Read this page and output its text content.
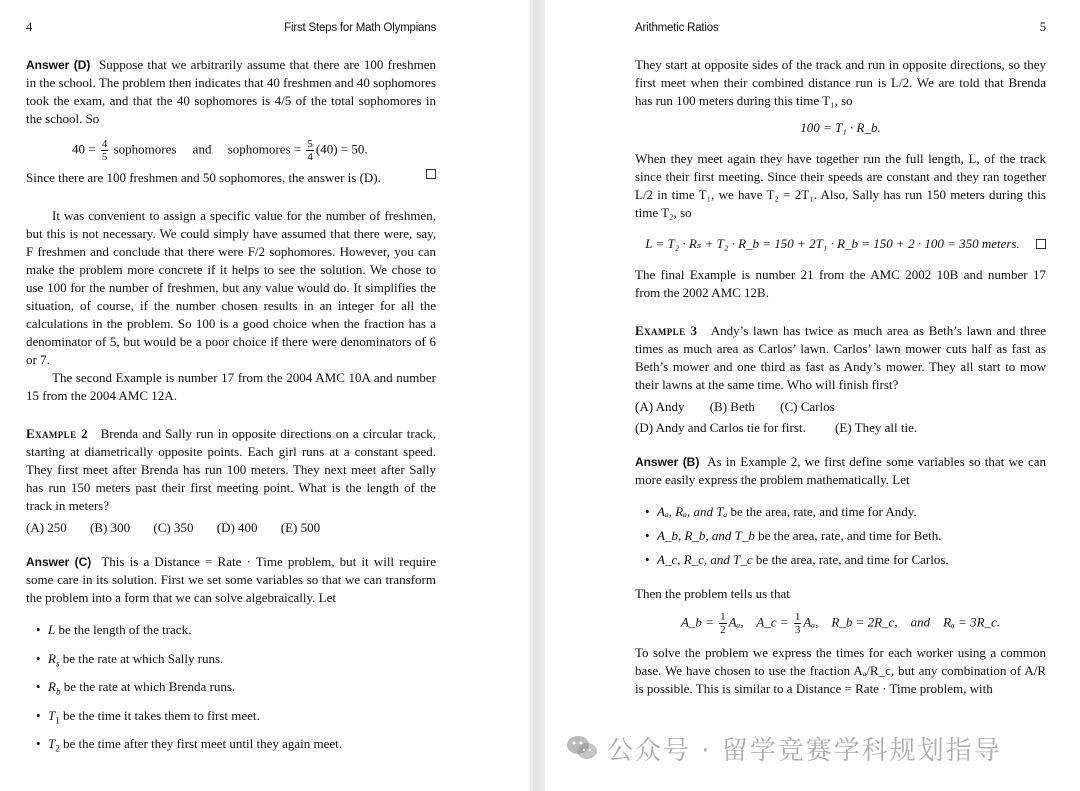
4	First Steps for Math Olympians

Answer (D) Suppose that we arbitrarily assume that there are 100 freshmen in the school. The problem then indicates that 40 freshmen and 40 sophomores took the exam, and that the 40 sophomores is 4/5 of the total sophomores in the school. So

$40 = \frac{4}{5}$ sophomores     and     sophomores = $\frac{5}{4} (40) = 50$.

Since there are 100 freshmen and 50 sophomores, the answer is (D).

It was convenient to assign a specific value for the number of freshmen, but this is not necessary. We could simply have assumed that there were, say, F freshmen and conclude that there were F/2 sophomores. However, you can make the problem more concrete if it helps to see the solution. We chose to use 100 for the number of freshmen, but any value would do. It simplifies the situation, of course, if the number chosen results in an integer for all the calculations in the problem. So 100 is a good choice when the fraction has a denominator of 5, but would be a poor choice if there were denominators of 6 or 7.

The second Example is number 17 from the 2004 AMC 10A and number 15 from the 2004 AMC 12A.

Example 2 Brenda and Sally run in opposite directions on a circular track, starting at diametrically opposite points. Each girl runs at a constant speed. They first meet after Brenda has run 100 meters. They next meet after Sally has run 150 meters past their first meeting point. What is the length of the track in meters?

(A) 250 (B) 300 (C) 350 (D) 400 (E) 500

Answer (C) This is a Distance = Rate · Time problem, but it will require some care in its solution. First we set some variables so that we can transform the problem into a form that we can solve algebraically. Let

• L be the length of the track.
• $R_s$ be the rate at which Sally runs.
• $R_b$ be the rate at which Brenda runs.
• $T_1$ be the time it takes them to first meet.
• $T_2$ be the time after they first meet until they again meet.
Arithmetic Ratios	5

They start at opposite sides of the track and run in opposite directions, so they first meet when their combined distance run is L/2. We are told that Brenda has run 100 meters during this time T₁, so

100 = T₁ · R_b.

When they meet again they have together run the full length, L, of the track since their first meeting. Since their speeds are constant and they ran together L/2 in time T₁, we have T₂ = 2T₁. Also, Sally has run 150 meters during this time T₂, so

L = T₂ · Rₛ + T₂ · R_b = 150 + 2T₁ · R_b = 150 + 2 · 100 = 350 meters.

The final Example is number 21 from the AMC 2002 10B and number 17 from the 2002 AMC 12B.

Example 3 Andy’s lawn has twice as much area as Beth’s lawn and three times as much area as Carlos’ lawn. Carlos’ lawn mower cuts half as fast as Beth’s mower and one third as fast as Andy’s mower. They all start to mow their lawns at the same time. Who will finish first?

(A) Andy (B) Beth (C) Carlos
(D) Andy and Carlos tie for first. (E) They all tie.

Answer (B) As in Example 2, we first define some variables so that we can more easily express the problem mathematically. Let

• Aₐ, Rₐ, and Tₐ be the area, rate, and time for Andy.
• A_b, R_b, and T_b be the area, rate, and time for Beth.
• A_c, R_c, and T_c be the area, rate, and time for Carlos.

Then the problem tells us that

A_b = $\frac{1}{2} A_a$,    A_c = $\frac{1}{3} A_a$,    R_b = 2R_c,    and    Rₐ = 3R_c.

To solve the problem we express the times for each worker using a common base. We have chosen to use the fraction Aₐ/R_c, but any combination of A/R is possible. This is similar to a Distance = Rate · Time problem, with

公众号 · 留学竞赛学科规划指导
